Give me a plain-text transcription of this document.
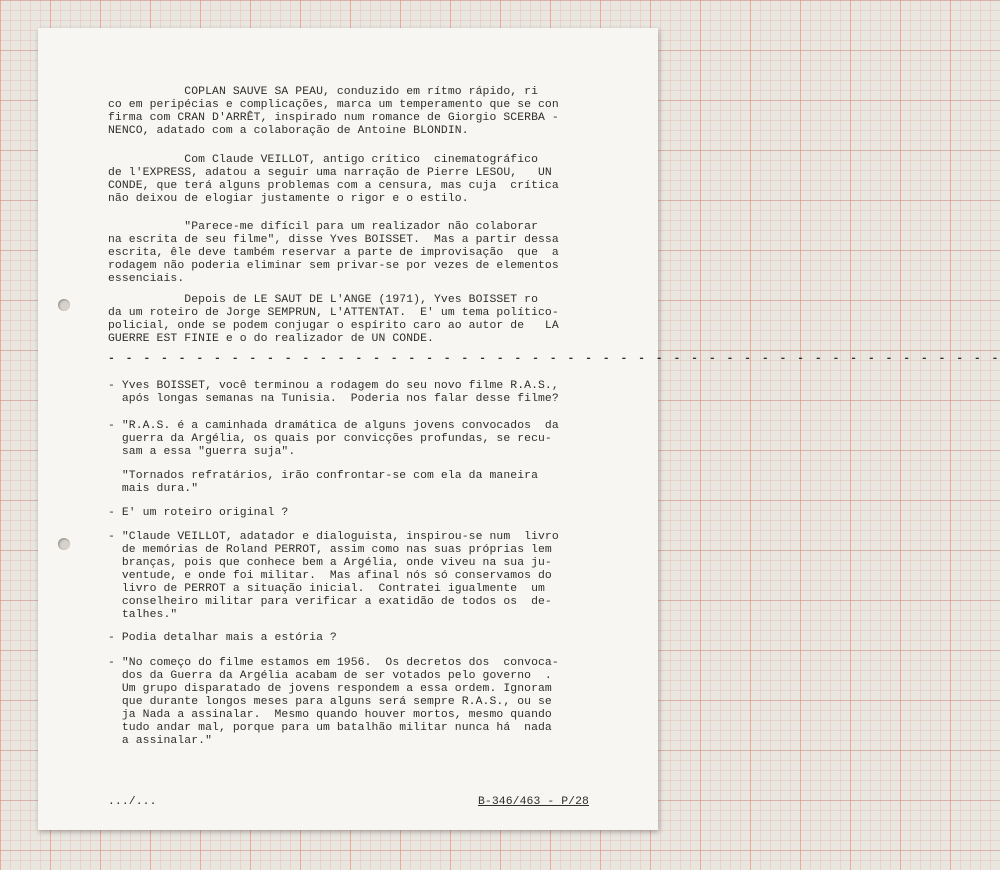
COPLAN SAUVE SA PEAU, conduzido em rítmo rápido, ri
co em peripécias e complicações, marca um temperamento que se con
firma com CRAN D'ARRÊT, inspirado num romance de Giorgio SCERBA -
NENCO, adatado com a colaboração de Antoine BLONDIN.
Com Claude VEILLOT, antigo crítico  cinematográfico
de l'EXPRESS, adatou a seguir uma narração de Pierre LESOU,   UN
CONDE, que terá alguns problemas com a censura, mas cuja  crítica
não deixou de elogiar justamente o rigor e o estilo.
"Parece-me difícil para um realizador não colaborar
na escrita de seu filme", disse Yves BOISSET.  Mas a partir dessa
escrita, êle deve também reservar a parte de improvisação  que  a
rodagem não poderia eliminar sem privar-se por vezes de elementos
essenciais.
Depois de LE SAUT DE L'ANGE (1971), Yves BOISSET ro
da um roteiro de Jorge SEMPRUN, L'ATTENTAT.  E' um tema político-
policial, onde se podem conjugar o espírito caro ao autor de   LA
GUERRE EST FINIE e o do realizador de UN CONDE.
- - - - - - - - - - - - - - - - - - - - - - - - - - - - - - - - - - - - - - - - - - - - - - - - - - -
- Yves BOISSET, você terminou a rodagem do seu novo filme R.A.S.,
após longas semanas na Tunisia.  Poderia nos falar desse filme?
- "R.A.S. é a caminhada dramática de alguns jovens convocados  da
guerra da Argélia, os quais por convicções profundas, se recu-
sam a essa "guerra suja".
"Tornados refratários, irão confrontar-se com ela da maneira
mais dura."
- E' um roteiro original ?
- "Claude VEILLOT, adatador e dialoguista, inspirou-se num  livro
de memórias de Roland PERROT, assim como nas suas próprias lem
branças, pois que conhece bem a Argélia, onde viveu na sua ju-
ventude, e onde foi militar.  Mas afinal nós só conservamos do
livro de PERROT a situação inicial.  Contratei igualmente  um
conselheiro militar para verificar a exatidão de todos os  de-
talhes."
- Podia detalhar mais a estória ?
- "No começo do filme estamos em 1956.  Os decretos dos  convoca-
dos da Guerra da Argélia acabam de ser votados pelo governo  .
Um grupo disparatado de jovens respondem a essa ordem. Ignoram
que durante longos meses para alguns será sempre R.A.S., ou se
ja Nada a assinalar.  Mesmo quando houver mortos, mesmo quando
tudo andar mal, porque para um batalhão militar nunca há  nada
a assinalar."
.../...	B-346/463 - P/28
